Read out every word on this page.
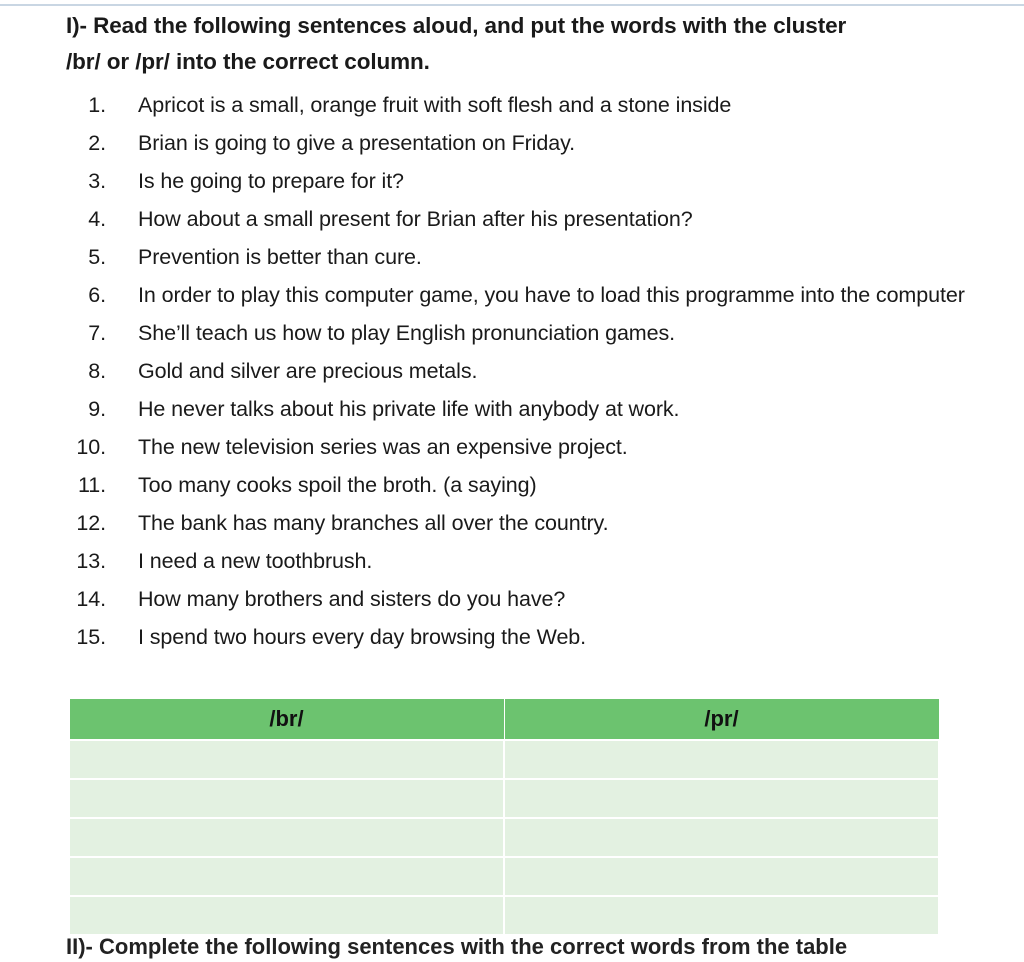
I)- Read the following sentences aloud, and put the words with the cluster
/br/ or /pr/ into the correct column.
1. Apricot is a small, orange fruit with soft flesh and a stone inside
2. Brian is going to give a presentation on Friday.
3. Is he going to prepare for it?
4. How about a small present for Brian after his presentation?
5. Prevention is better than cure.
6. In order to play this computer game, you have to load this programme into the computer
7. She’ll teach us how to play English pronunciation games.
8. Gold and silver are precious metals.
9. He never talks about his private life with anybody at work.
10. The new television series was an expensive project.
11. Too many cooks spoil the broth. (a saying)
12. The bank has many branches all over the country.
13. I need a new toothbrush.
14. How many brothers and sisters do you have?
15. I spend two hours every day browsing the Web.
/br/	/pr/

II)- Complete the following sentences with the correct words from the table
